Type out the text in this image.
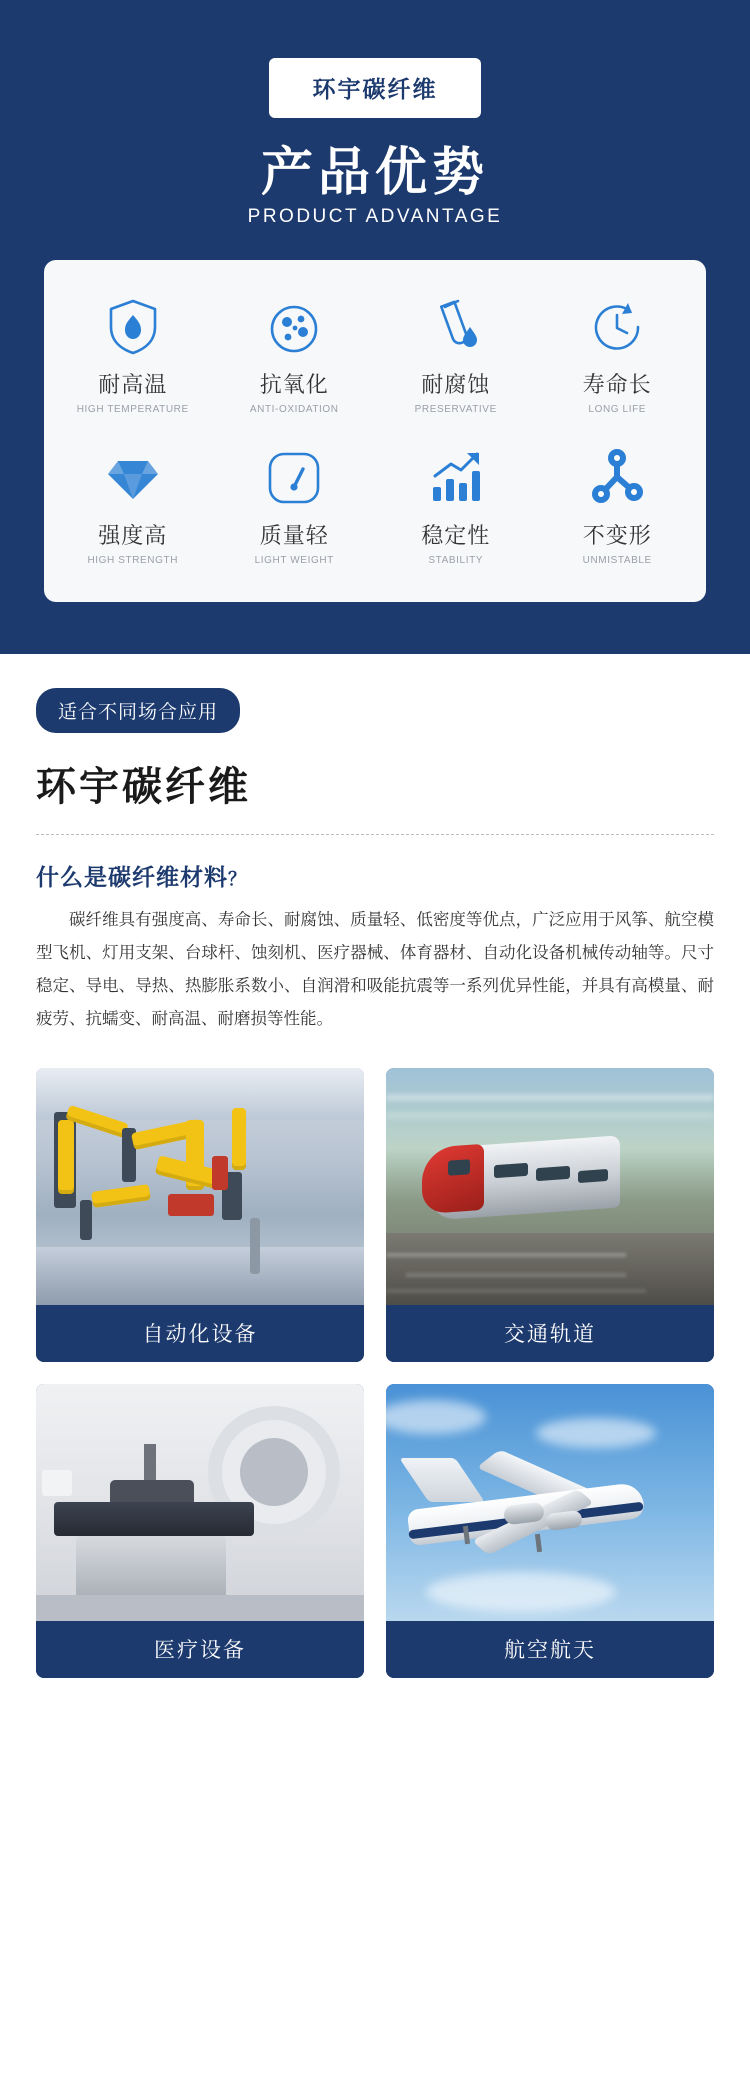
环宇碳纤维
产品优势
PRODUCT ADVANTAGE
耐高温
HIGH TEMPERATURE
抗氧化
ANTI-OXIDATION
耐腐蚀
PRESERVATIVE
寿命长
LONG LIFE
强度高
HIGH STRENGTH
质量轻
LIGHT WEIGHT
稳定性
STABILITY
不变形
UNMISTABLE
适合不同场合应用
环宇碳纤维
什么是碳纤维材料？

碳纤维具有强度高、寿命长、耐腐蚀、质量轻、低密度等优点，广泛应用于风筝、航空模型飞机、灯用支架、台球杆、蚀刻机、医疗器械、体育器材、自动化设备机械传动轴等。尺寸稳定、导电、导热、热膨胀系数小、自润滑和吸能抗震等一系列优异性能，并具有高模量、耐疲劳、抗蠕变、耐高温、耐磨损等性能。

自动化设备	交通轨道
医疗设备	航空航天
